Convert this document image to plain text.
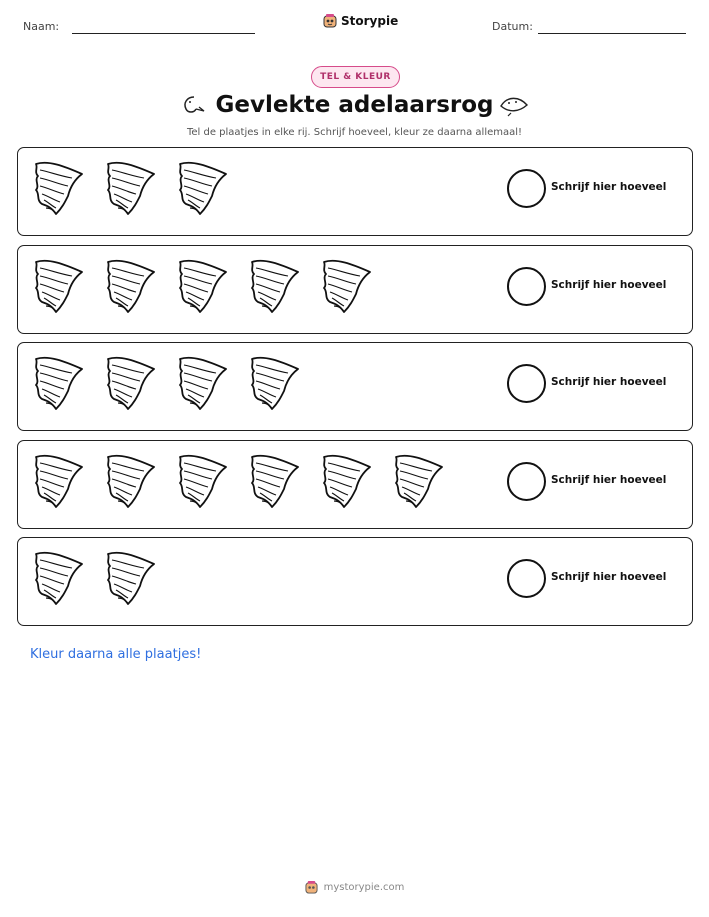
Naam:	Storypie	Datum:
TEL & KLEUR
Gevlekte adelaarsrog
Tel de plaatjes in elke rij. Schrijf hoeveel, kleur ze daarna allemaal!
Schrijf hier hoeveel
Schrijf hier hoeveel
Schrijf hier hoeveel
Schrijf hier hoeveel
Schrijf hier hoeveel
Kleur daarna alle plaatjes!
mystorypie.com
